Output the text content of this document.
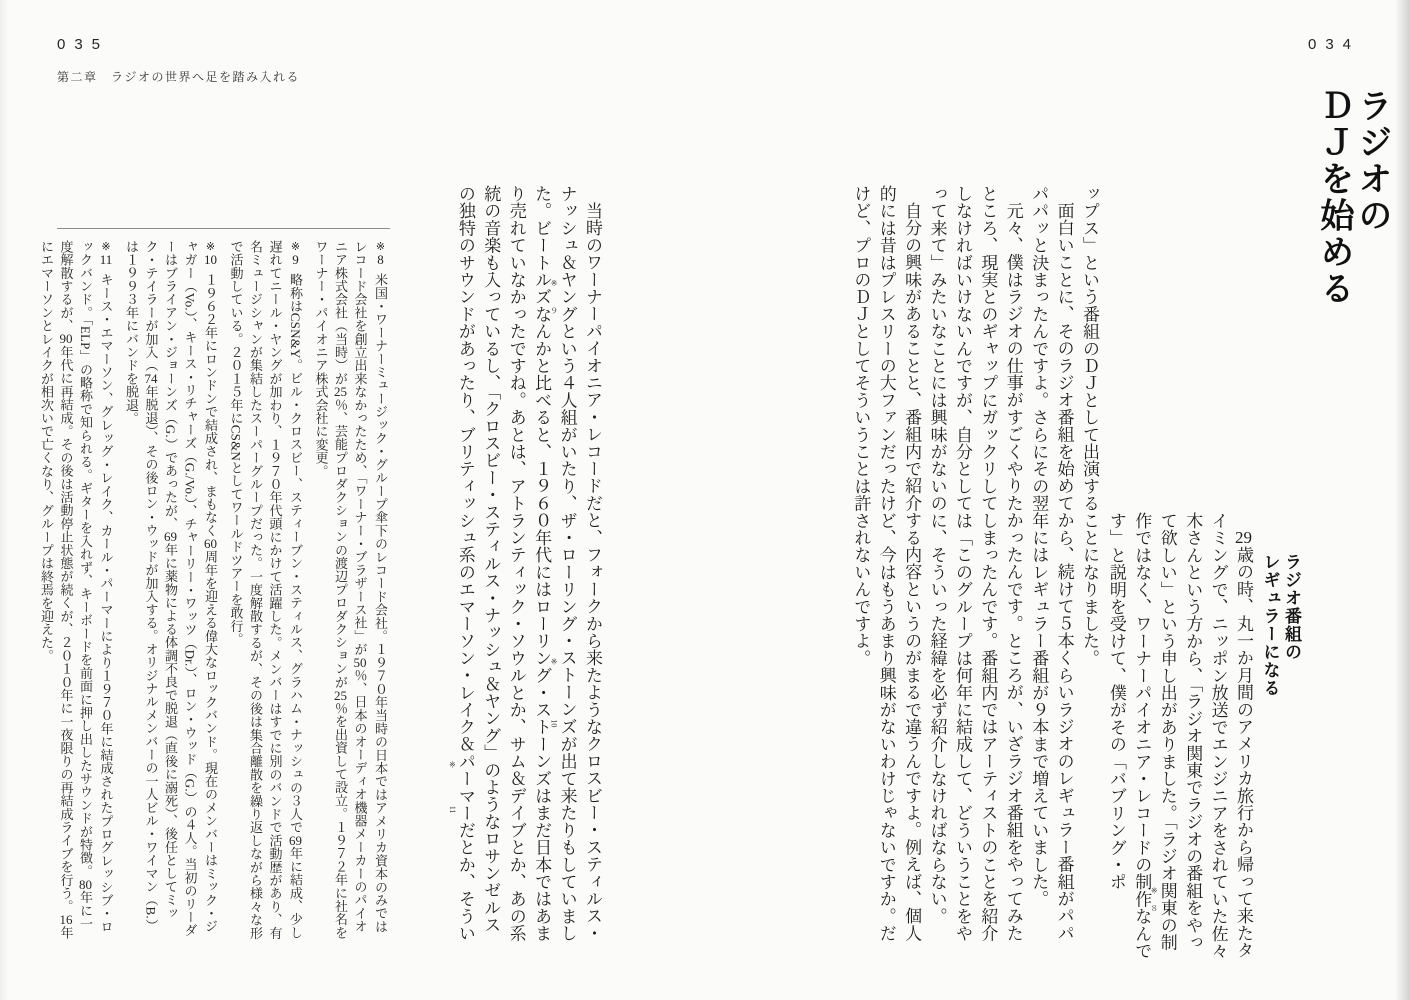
035
第二章　ラジオの世界へ足を踏み入れる
034
ラジオの
ＤＪを始める
ラジオ番組の
レギュラーになる

29歳の時、丸一か月間のアメリカ旅行から帰って来たタイミングで、ニッポン放送でエンジニアをされていた佐々木さんという方から、「ラジオ関東でラジオの番組をやって欲しい」という申し出がありました。「ラジオ関東※８の制作ではなく、ワーナーパイオニア・レコードの制作なんです」と説明を受けて、僕がその「バブリング・ポ

ップス」という番組のＤＪとして出演することになりました。

面白いことに、そのラジオ番組を始めてから、続けて５本くらいラジオのレギュラー番組がパパパパッと決まったんですよ。さらにその翌年にはレギュラー番組が９本まで増えていました。

元々、僕はラジオの仕事がすごくやりたかったんです。ところが、いざラジオ番組をやってみたところ、現実とのギャップにガックリしてしまったんです。番組内ではアーティストのことを紹介しなければいけないんですが、自分としては「このグループは何年に結成して、どういうことをやって来て」みたいなことには興味がないのに、そういった経緯を必ず紹介しなければならない。

自分の興味があることと、番組内で紹介する内容というのがまるで違うんですよ。例えば、個人的には昔はプレスリーの大ファンだったけど、今はもうあまり興味がないわけじゃないですか。だけど、プロのＤＪとしてそういうことは許されないんですよ。

当時のワーナーパイオニア・レコードだと、フォークから来たようなクロスビー・スティルス・ナッシュ＆ヤング※９という４人組がいたり、ザ・ローリング・ストーンズ※10が出て来たりもしていました。ビートルズなんかと比べると、１９６０年代にはローリング・ストーンズはまだ日本ではあまり売れていなかったですね。あとは、アトランティック・ソウルとか、サム＆デイブとか、あの系統の音楽も入っているし、「クロスビー・スティルス・ナッシュ＆ヤング」のようなロサンゼルスの独特のサウンドがあったり、ブリティッシュ系のエマーソン・レイク＆パーマー※11だとか、そうい

※8米国・ワーナーミュージック・グループ傘下のレコード会社。１９７０年当時の日本ではアメリカ資本のみではレコード会社を創立出来なかったため、「ワーナー・ブラザース社」が50％、日本のオーディオ機器メーカーのパイオニア株式会社（当時）が25％、芸能プロダクションの渡辺プロダクションが25％を出資して設立。１９７２年に社名をワーナー・パイオニア株式会社に変更。
※9略称はCSN&Y。ビル・クロスビー、スティーブン・スティルス、グラハム・ナッシュの３人で69年に結成、少し遅れてニール・ヤングが加わり、１９７０年代頭にかけて活躍した。メンバーはすでに別のバンドで活動歴があり、有名ミュージシャンが集結したスーパーグループだった。一度解散するが、その後は集合離散を繰り返しながら様々な形で活動している。２０１５年にCS&Nとしてワールドツアーを敢行。
※10１９６２年にロンドンで結成され、まもなく60周年を迎える偉大なロックバンド。現在のメンバーはミック・ジャガー（Vo.）、キース・リチャーズ（G./Vo.）、チャーリー・ワッツ（Dr.）、ロン・ウッド（G.）の４人。当初のリーダーはブライアン・ジョーンズ（G.）であったが、69年に薬物による体調不良で脱退（直後に溺死）、後任としてミック・テイラーが加入（74年脱退）、その後ロン・ウッドが加入する。オリジナルメンバーの一人ビル・ワイマン（B.）は１９９３年にバンドを脱退。
※11キース・エマーソン、グレッグ・レイク、カール・パーマーにより１９７０年に結成されたプログレッシブ・ロックバンド。「ELP」の略称で知られる。ギターを入れず、キーボードを前面に押し出したサウンドが特徴。80年に一度解散するが、90年代に再結成。その後は活動停止状態が続くが、２０１０年に一夜限りの再結成ライブを行う。16年にエマーソンとレイクが相次いで亡くなり、グループは終焉を迎えた。
